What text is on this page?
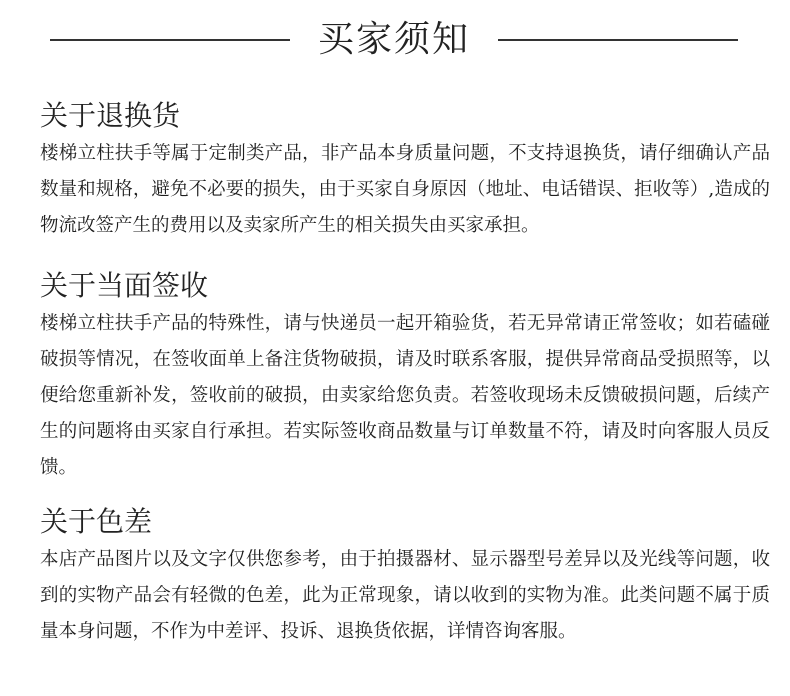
买家须知
关于退换货

楼梯立柱扶手等属于定制类产品，非产品本身质量问题，不支持退换货，请仔细确认产品数量和规格，避免不必要的损失，由于买家自身原因（地址、电话错误、拒收等）,造成的物流改签产生的费用以及卖家所产生的相关损失由买家承担。

关于当面签收

楼梯立柱扶手产品的特殊性，请与快递员一起开箱验货，若无异常请正常签收；如若磕碰破损等情况，在签收面单上备注货物破损，请及时联系客服，提供异常商品受损照等，以便给您重新补发，签收前的破损，由卖家给您负责。若签收现场未反馈破损问题，后续产生的问题将由买家自行承担。若实际签收商品数量与订单数量不符，请及时向客服人员反馈。

关于色差

本店产品图片以及文字仅供您参考，由于拍摄器材、显示器型号差异以及光线等问题，收到的实物产品会有轻微的色差，此为正常现象，请以收到的实物为准。此类问题不属于质量本身问题，不作为中差评、投诉、退换货依据，详情咨询客服。
